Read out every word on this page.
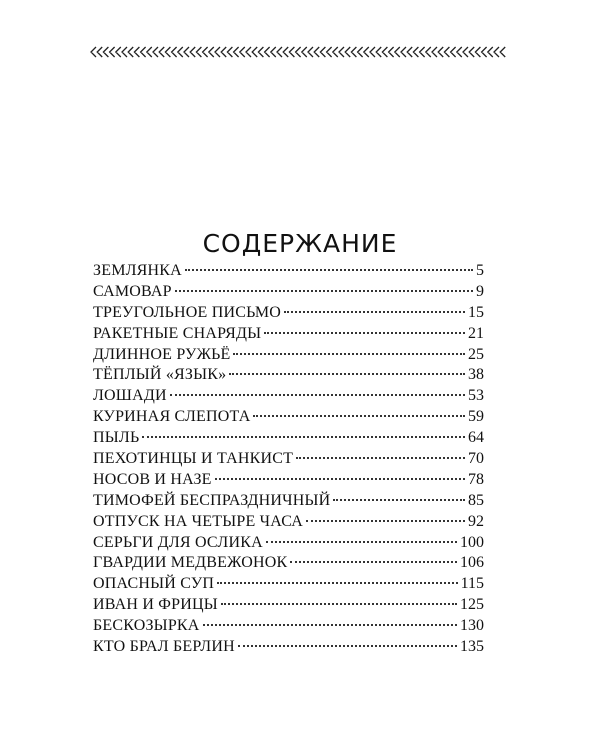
СОДЕРЖАНИЕ
ЗЕМЛЯНКА	5
САМОВАР	9
ТРЕУГОЛЬНОЕ ПИСЬМО	15
РАКЕТНЫЕ СНАРЯДЫ	21
ДЛИННОЕ РУЖЬЁ	25
ТЁПЛЫЙ «ЯЗЫК»	38
ЛОШАДИ	53
КУРИНАЯ СЛЕПОТА	59
ПЫЛЬ	64
ПЕХОТИНЦЫ И ТАНКИСТ	70
НОСОВ И НАЗЕ	78
ТИМОФЕЙ БЕСПРАЗДНИЧНЫЙ	85
ОТПУСК НА ЧЕТЫРЕ ЧАСА	92
СЕРЬГИ ДЛЯ ОСЛИКА	100
ГВАРДИИ МЕДВЕЖОНОК	106
ОПАСНЫЙ СУП	115
ИВАН И ФРИЦЫ	125
БЕСКОЗЫРКА	130
КТО БРАЛ БЕРЛИН	135
